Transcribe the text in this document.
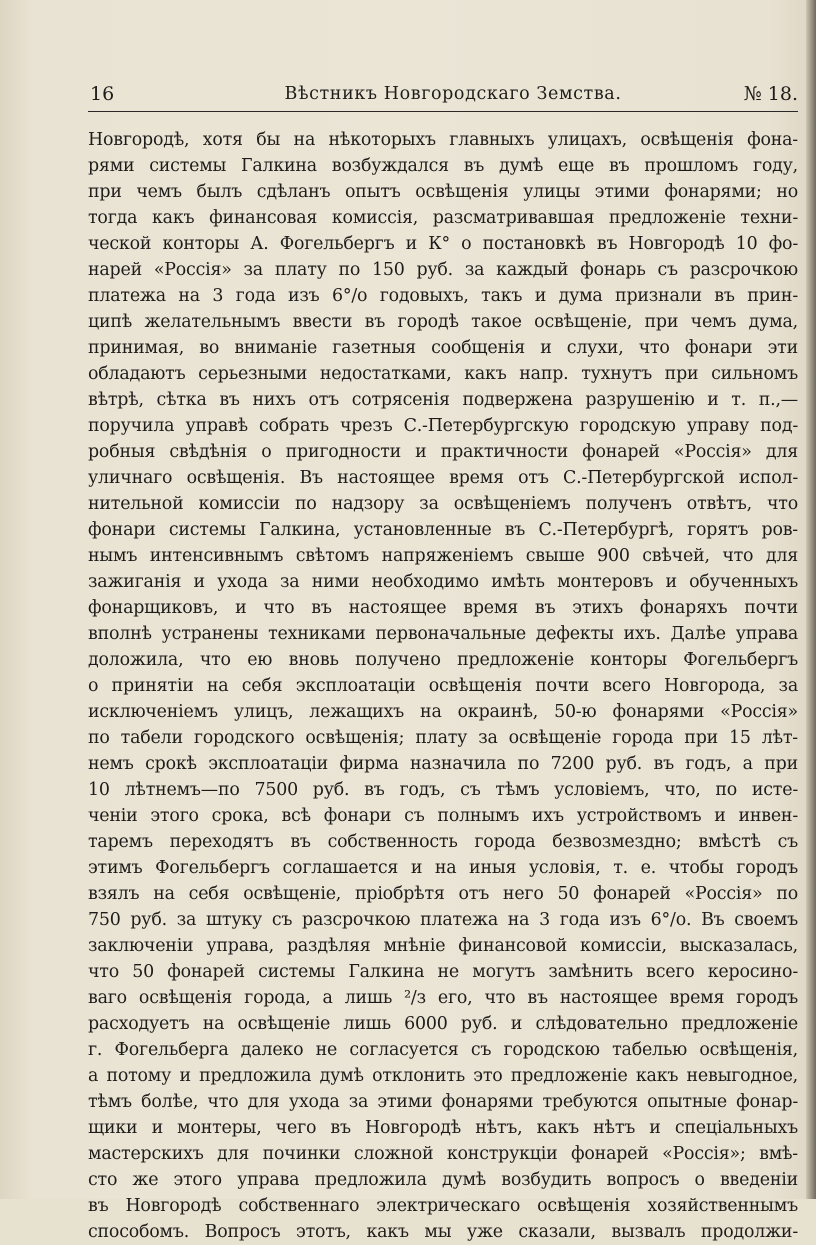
16	Вѣстникъ Новгородскаго Земства.	№ 18.
Новгородѣ, хотя бы на нѣкоторыхъ главныхъ улицахъ, освѣщенія фона-
рями системы Галкина возбуждался въ думѣ еще въ прошломъ году,
при чемъ былъ сдѣланъ опытъ освѣщенія улицы этими фонарями; но
тогда какъ финансовая комиссія, разсматривавшая предложеніе техни-
ческой конторы А. Фогельбергъ и К° о постановкѣ въ Новгородѣ 10 фо-
нарей «Россія» за плату по 150 руб. за каждый фонарь съ разсрочкою
платежа на 3 года изъ 6°/о годовыхъ, такъ и дума признали въ прин-
ципѣ желательнымъ ввести въ городѣ такое освѣщеніе, при чемъ дума,
принимая, во вниманіе газетныя сообщенія и слухи, что фонари эти
обладаютъ серьезными недостатками, какъ напр. тухнутъ при сильномъ
вѣтрѣ, сѣтка въ нихъ отъ сотрясенія подвержена разрушенію и т. п.,—
поручила управѣ собрать чрезъ С.-Петербургскую городскую управу под-
робныя свѣдѣнія о пригодности и практичности фонарей «Россія» для
уличнаго освѣщенія. Въ настоящее время отъ С.-Петербургской испол-
нительной комиссіи по надзору за освѣщеніемъ полученъ отвѣтъ, что
фонари системы Галкина, установленные въ С.-Петербургѣ, горятъ ров-
нымъ интенсивнымъ свѣтомъ напряженіемъ свыше 900 свѣчей, что для
зажиганія и ухода за ними необходимо имѣть монтеровъ и обученныхъ
фонарщиковъ, и что въ настоящее время въ этихъ фонаряхъ почти
вполнѣ устранены техниками первоначальные дефекты ихъ. Далѣе управа
доложила, что ею вновь получено предложеніе конторы Фогельбергъ
о принятіи на себя эксплоатаціи освѣщенія почти всего Новгорода, за
исключеніемъ улицъ, лежащихъ на окраинѣ, 50-ю фонарями «Россія»
по табели городского освѣщенія; плату за освѣщеніе города при 15 лѣт-
немъ срокѣ эксплоатаціи фирма назначила по 7200 руб. въ годъ, а при
10 лѣтнемъ—по 7500 руб. въ годъ, съ тѣмъ условіемъ, что, по исте-
ченіи этого срока, всѣ фонари съ полнымъ ихъ устройствомъ и инвен-
таремъ переходятъ въ собственность города безвозмездно; вмѣстѣ съ
этимъ Фогельбергъ соглашается и на иныя условія, т. е. чтобы городъ
взялъ на себя освѣщеніе, пріобрѣтя отъ него 50 фонарей «Россія» по
750 руб. за штуку съ разсрочкою платежа на 3 года изъ 6°/о. Въ своемъ
заключеніи управа, раздѣляя мнѣніе финансовой комиссіи, высказалась,
что 50 фонарей системы Галкина не могутъ замѣнить всего керосино-
ваго освѣщенія города, а лишь ²/з его, что въ настоящее время городъ
расходуетъ на освѣщеніе лишь 6000 руб. и слѣдовательно предложеніе
г. Фогельберга далеко не согласуется съ городскою табелью освѣщенія,
а потому и предложила думѣ отклонить это предложеніе какъ невыгодное,
тѣмъ болѣе, что для ухода за этими фонарями требуются опытные фонар-
щики и монтеры, чего въ Новгородѣ нѣтъ, какъ нѣтъ и спеціальныхъ
мастерскихъ для починки сложной конструкціи фонарей «Россія»; вмѣ-
сто же этого управа предложила думѣ возбудить вопросъ о введеніи
въ Новгородѣ собственнаго электрическаго освѣщенія хозяйственнымъ
способомъ. Вопросъ этотъ, какъ мы уже сказали, вызвалъ продолжи-
